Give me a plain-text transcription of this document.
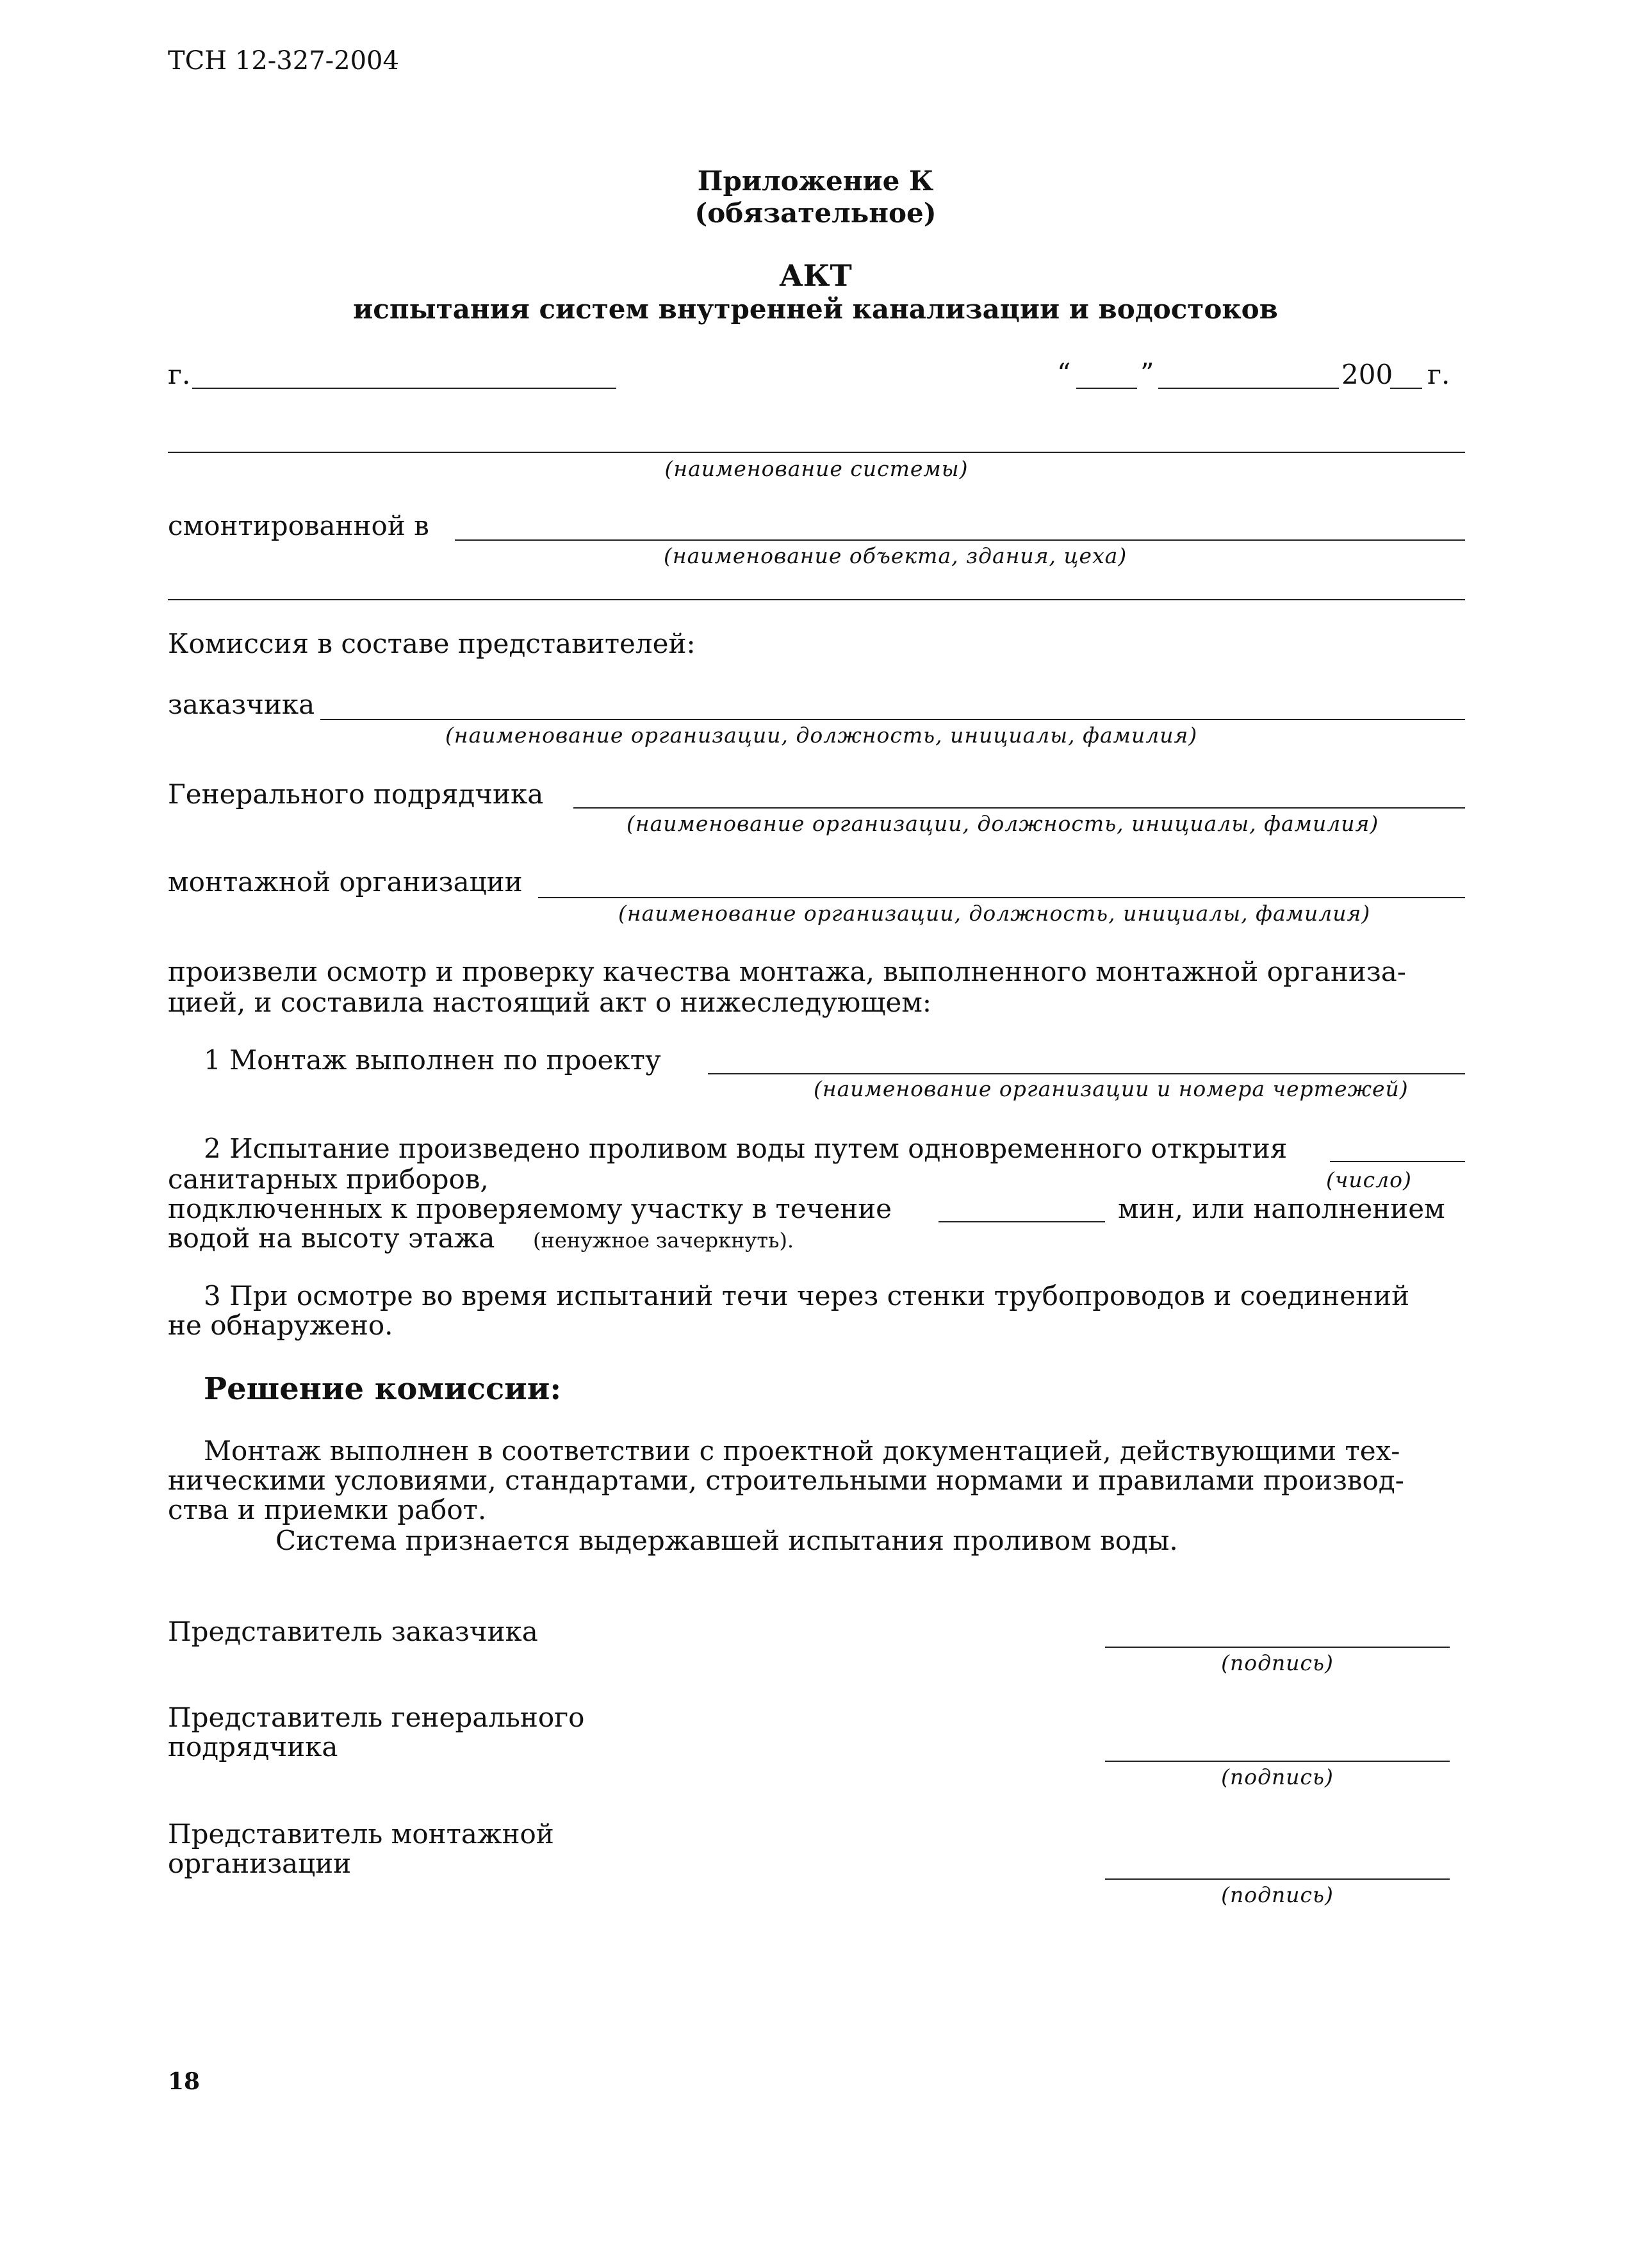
ТСН 12-327-2004
Приложение К
(обязательное)
АКТ
испытания систем внутренней канализации и водостоков
г.	“	”	200 г.
(наименование системы)
смонтированной в
(наименование объекта, здания, цеха)
Комиссия в составе представителей:
заказчика
(наименование организации, должность, инициалы, фамилия)
Генерального подрядчика
(наименование организации, должность, инициалы, фамилия)
монтажной организации
(наименование организации, должность, инициалы, фамилия)
произвели осмотр и проверку качества монтажа, выполненного монтажной организа-
цией, и составила настоящий акт о нижеследующем:
1 Монтаж выполнен по проекту
(наименование организации и номера чертежей)
2 Испытание произведено проливом воды путем одновременного открытия
санитарных приборов,	(число)
подключенных к проверяемому участку в течение	мин, или наполнением
водой на высоту этажа (ненужное зачеркнуть).
3 При осмотре во время испытаний течи через стенки трубопроводов и соединений
не обнаружено.
Решение комиссии:
Монтаж выполнен в соответствии с проектной документацией, действующими тех-
ническими условиями, стандартами, строительными нормами и правилами производ-
ства и приемки работ.
Система признается выдержавшей испытания проливом воды.
Представитель заказчика
(подпись)
Представитель генерального
подрядчика
(подпись)
Представитель монтажной
организации
(подпись)
18
